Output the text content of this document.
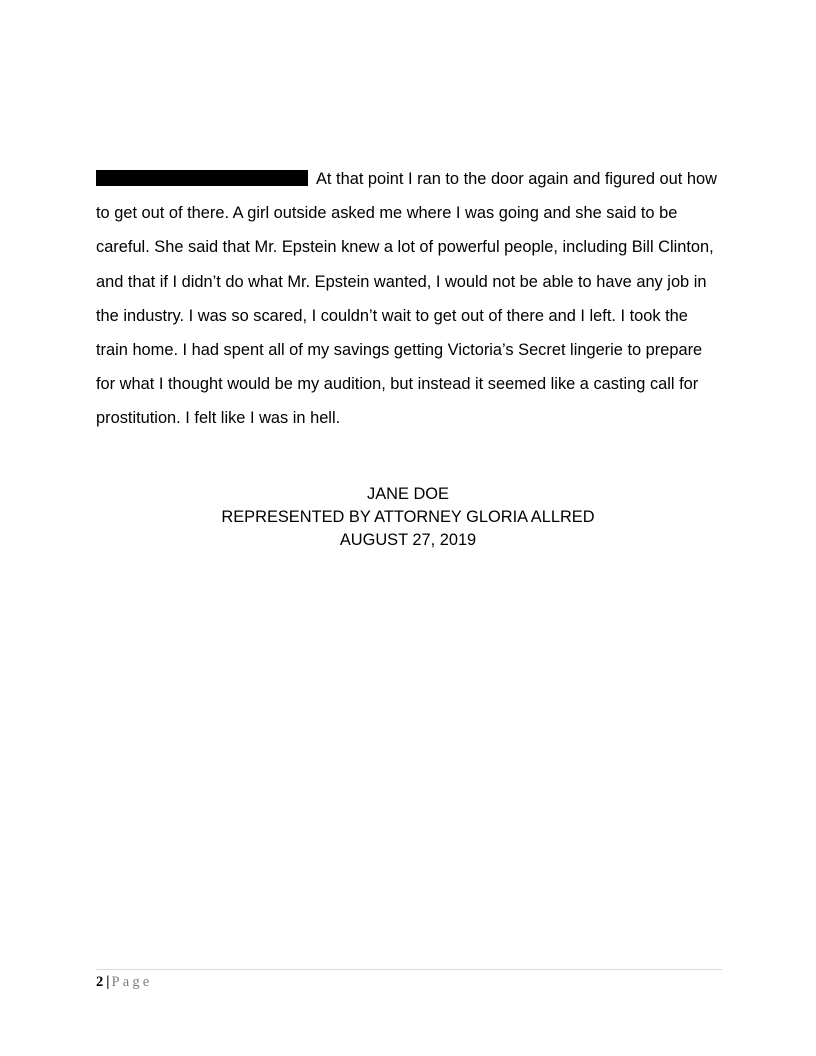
At that point I ran to the door again and figured out how to get out of there. A girl outside asked me where I was going and she said to be careful. She said that Mr. Epstein knew a lot of powerful people, including Bill Clinton, and that if I didn’t do what Mr. Epstein wanted, I would not be able to have any job in the industry. I was so scared, I couldn’t wait to get out of there and I left. I took the train home. I had spent all of my savings getting Victoria’s Secret lingerie to prepare for what I thought would be my audition, but instead it seemed like a casting call for prostitution. I felt like I was in hell.

JANE DOE
REPRESENTED BY ATTORNEY GLORIA ALLRED
AUGUST 27, 2019
2 | Page
